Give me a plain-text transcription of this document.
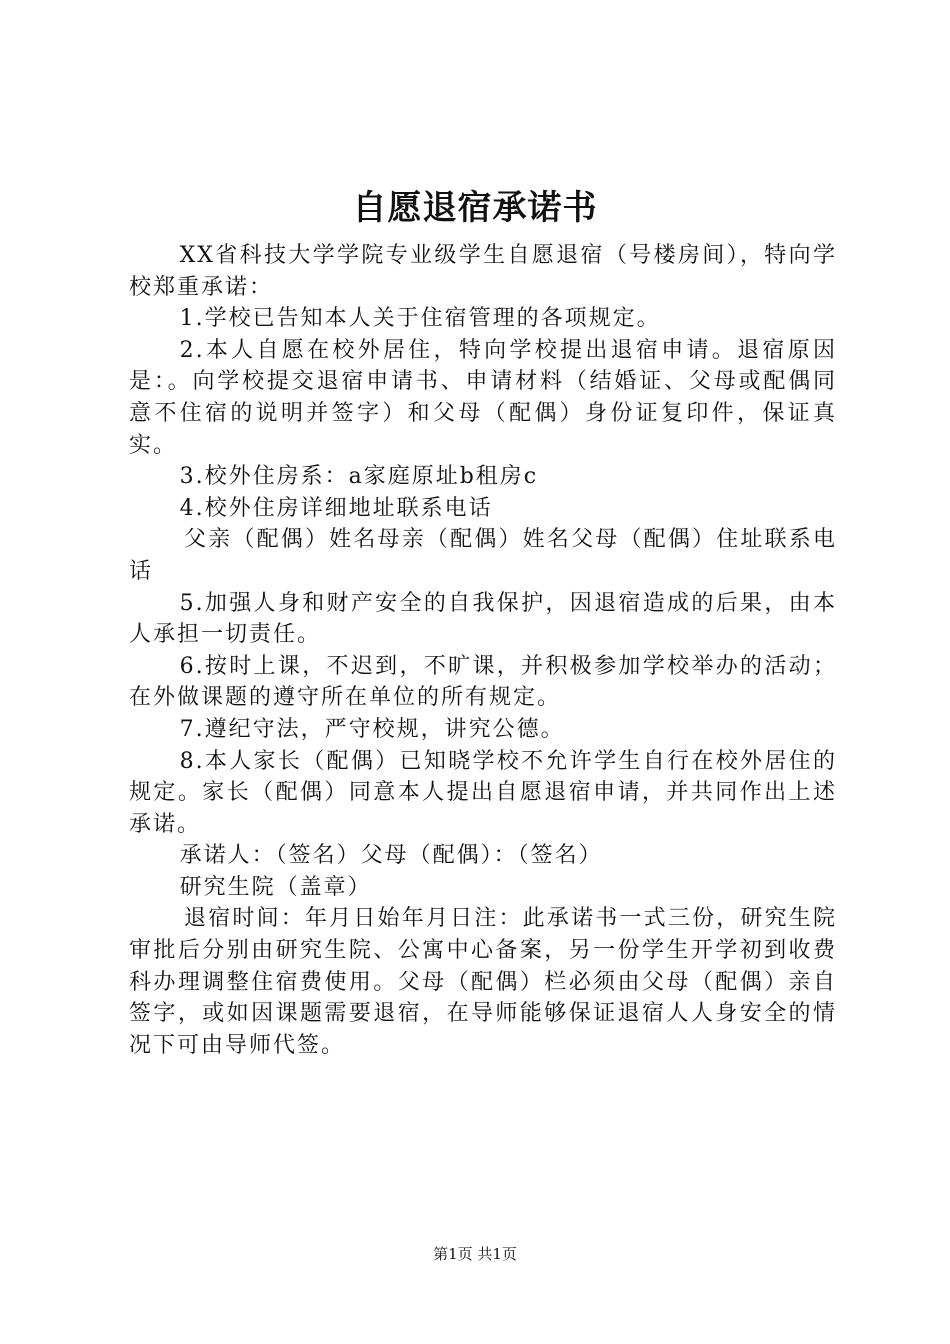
自愿退宿承诺书

XX省科技大学学院专业级学生自愿退宿（号楼房间），特向学校郑重承诺：

1.学校已告知本人关于住宿管理的各项规定。

2.本人自愿在校外居住，特向学校提出退宿申请。退宿原因是：。向学校提交退宿申请书、申请材料（结婚证、父母或配偶同意不住宿的说明并签字）和父母（配偶）身份证复印件，保证真实。

3.校外住房系：a家庭原址b租房c

4.校外住房详细地址联系电话

父亲（配偶）姓名母亲（配偶）姓名父母（配偶）住址联系电话

5.加强人身和财产安全的自我保护，因退宿造成的后果，由本人承担一切责任。

6.按时上课，不迟到，不旷课，并积极参加学校举办的活动；在外做课题的遵守所在单位的所有规定。

7.遵纪守法，严守校规，讲究公德。

8.本人家长（配偶）已知晓学校不允许学生自行在校外居住的规定。家长（配偶）同意本人提出自愿退宿申请，并共同作出上述承诺。

承诺人：（签名）父母（配偶）：（签名）

研究生院（盖章）

退宿时间：年月日始年月日注：此承诺书一式三份，研究生院审批后分别由研究生院、公寓中心备案，另一份学生开学初到收费科办理调整住宿费使用。父母（配偶）栏必须由父母（配偶）亲自签字，或如因课题需要退宿，在导师能够保证退宿人人身安全的情况下可由导师代签。

第1页 共1页
